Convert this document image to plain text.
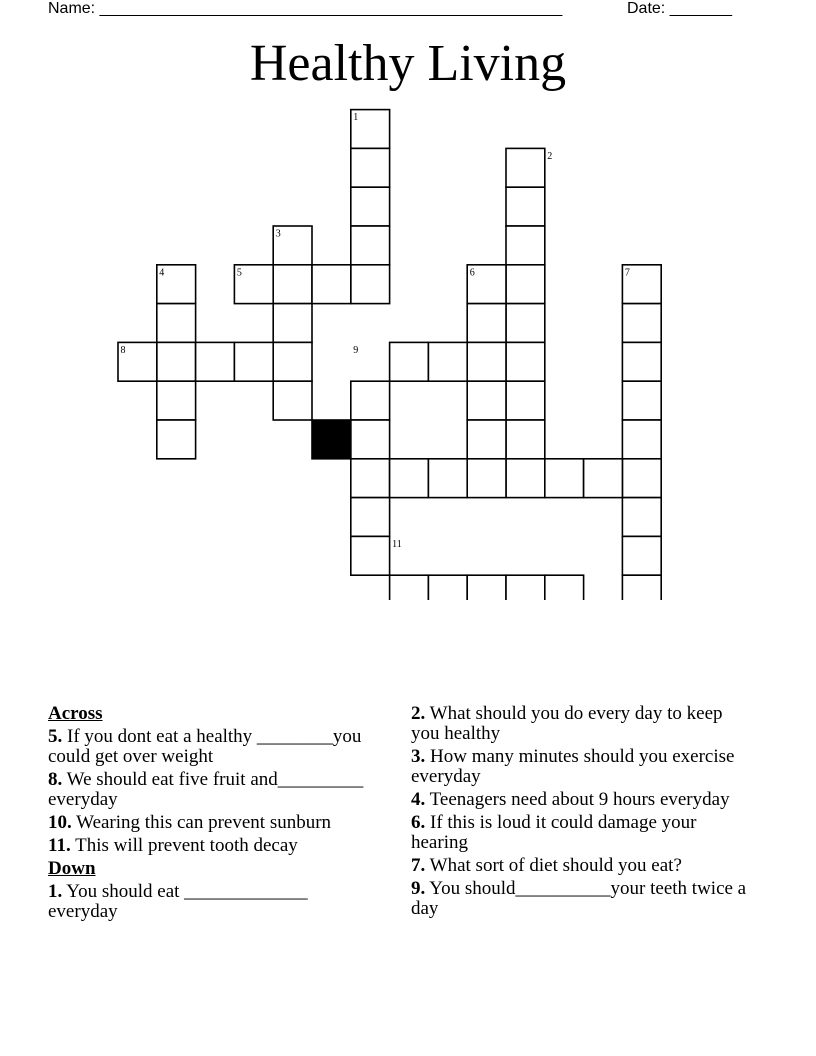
Name: ____________________________________________________	Date: _______
Healthy Living
1
2
3
4	5	6	7
8	9
10
11
Across
5. If you dont eat a healthy ________you could get over weight
8. We should eat five fruit and_________ everyday
10. Wearing this can prevent sunburn
11. This will prevent tooth decay
Down
1. You should eat _____________ everyday
2. What should you do every day to keep you healthy
3. How many minutes should you exercise everyday
4. Teenagers need about 9 hours everyday
6. If this is loud it could damage your hearing
7. What sort of diet should you eat?
9. You should__________your teeth twice a day
